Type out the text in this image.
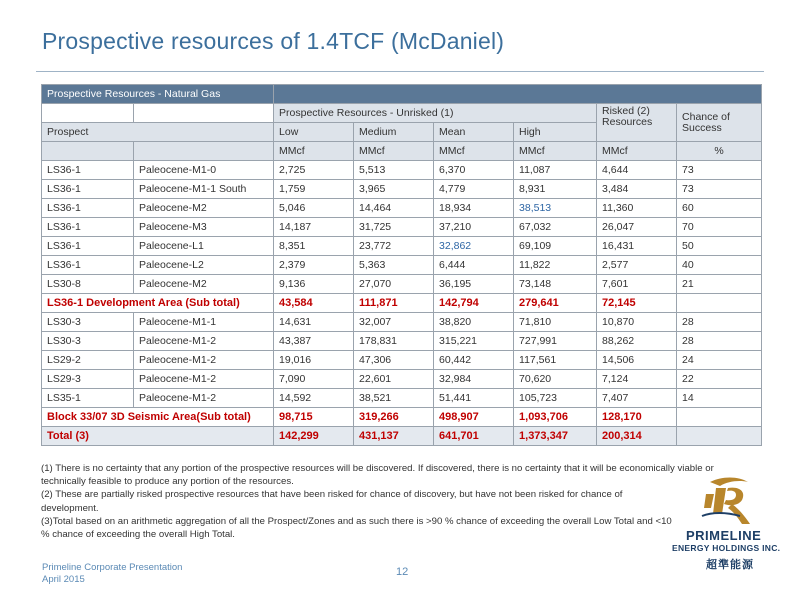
Prospective resources of 1.4TCF (McDaniel)
Prospective Resources - Natural Gas							
		Prospective Resources - Unrisked (1)				Risked (2) Resources	Chance of Success
Prospect		Low	Medium	Mean	High		
		MMcf	MMcf	MMcf	MMcf	MMcf	%
LS36-1	Paleocene-M1-0	2,725	5,513	6,370	11,087	4,644	73
LS36-1	Paleocene-M1-1 South	1,759	3,965	4,779	8,931	3,484	73
LS36-1	Paleocene-M2	5,046	14,464	18,934	38,513	11,360	60
LS36-1	Paleocene-M3	14,187	31,725	37,210	67,032	26,047	70
LS36-1	Paleocene-L1	8,351	23,772	32,862	69,109	16,431	50
LS36-1	Paleocene-L2	2,379	5,363	6,444	11,822	2,577	40
LS30-8	Paleocene-M2	9,136	27,070	36,195	73,148	7,601	21
LS36-1 Development Area (Sub total)		43,584	111,871	142,794	279,641	72,145	
LS30-3	Paleocene-M1-1	14,631	32,007	38,820	71,810	10,870	28
LS30-3	Paleocene-M1-2	43,387	178,831	315,221	727,991	88,262	28
LS29-2	Paleocene-M1-2	19,016	47,306	60,442	117,561	14,506	24
LS29-3	Paleocene-M1-2	7,090	22,601	32,984	70,620	7,124	22
LS35-1	Paleocene-M1-2	14,592	38,521	51,441	105,723	7,407	14
Block 33/07 3D Seismic Area(Sub total)		98,715	319,266	498,907	1,093,706	128,170	
Total (3)		142,299	431,137	641,701	1,373,347	200,314	

(1) There is no certainty that any portion of the prospective resources will be discovered. If discovered, there is no certainty that it will be economically viable or technically feasible to produce any portion of the resources.

(2) These are partially risked prospective resources that have been risked for chance of discovery, but have not been risked for chance of development.

(3)Total based on an arithmetic aggregation of all the Prospect/Zones and as such there is >90 % chance of exceeding the overall Low Total and <10 % chance of exceeding the overall High Total.	PRIMELINE
ENERGY HOLDINGS INC.
超準能源
Primeline Corporate Presentation
April 2015
12
